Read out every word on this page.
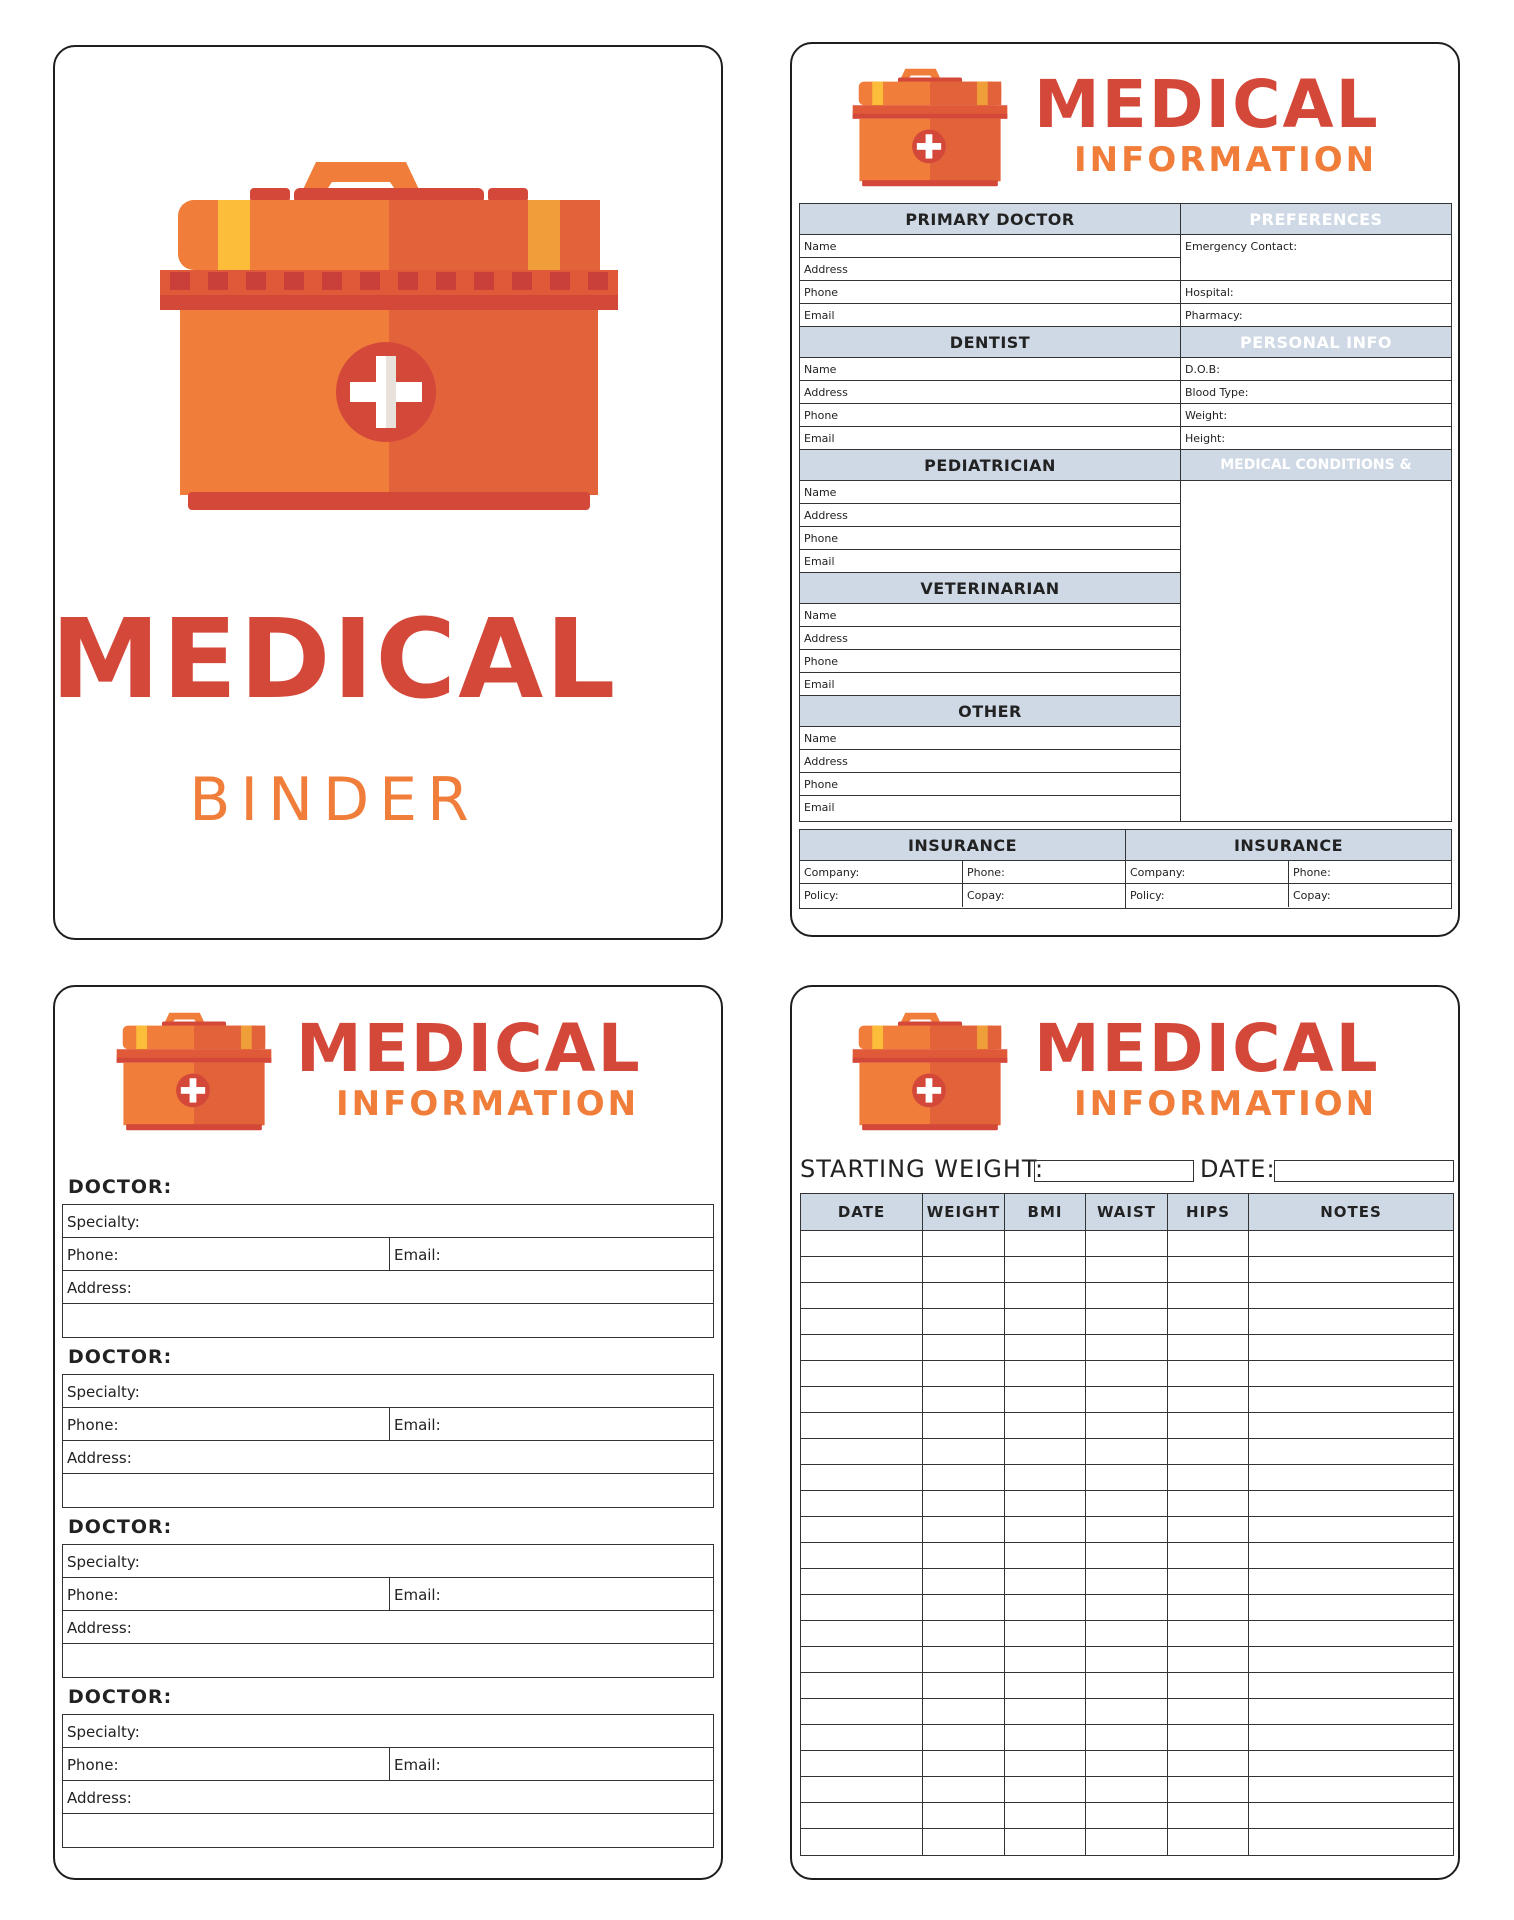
MEDICAL
BINDER
MEDICAL
INFORMATION
PRIMARY DOCTOR
Name
Address
Phone
Email
DENTIST
Name
Address
Phone
Email
PEDIATRICIAN
Name
Address
Phone
Email
VETERINARIAN
Name
Address
Phone
Email
OTHER
Name
Address
Phone
Email
PREFERENCES
Emergency Contact:
Hospital:
Pharmacy:
PERSONAL INFO
D.O.B:
Blood Type:
Weight:
Height:
MEDICAL CONDITIONS & ALLERGIES
INSURANCE
Company:	Phone:
Policy:	Copay:
INSURANCE
Company:	Phone:
Policy:	Copay:
MEDICAL
INFORMATION
DOCTOR:
Specialty:
Phone:	Email:
Address:
DOCTOR:
Specialty:
Phone:	Email:
Address:
DOCTOR:
Specialty:
Phone:	Email:
Address:
DOCTOR:
Specialty:
Phone:	Email:
Address:
MEDICAL
INFORMATION
STARTING WEIGHT:	DATE:
DATE	WEIGHT	BMI	WAIST	HIPS	NOTES
